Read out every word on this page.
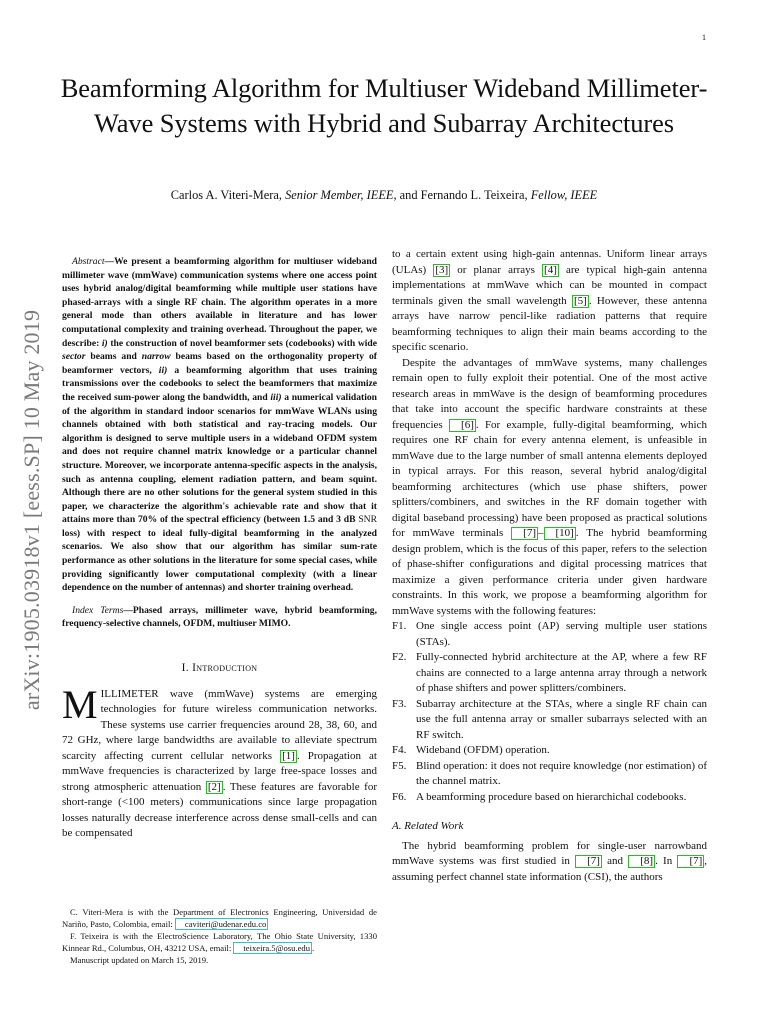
1
Beamforming Algorithm for Multiuser Wideband Millimeter-Wave Systems with Hybrid and Subarray Architectures
Carlos A. Viteri-Mera, Senior Member, IEEE, and Fernando L. Teixeira, Fellow, IEEE
arXiv:1905.03918v1 [eess.SP] 10 May 2019

Abstract—We present a beamforming algorithm for multiuser wideband millimeter wave (mmWave) communication systems where one access point uses hybrid analog/digital beamforming while multiple user stations have phased-arrays with a single RF chain. The algorithm operates in a more general mode than others available in literature and has lower computational complexity and training overhead. Throughout the paper, we describe: i) the construction of novel beamformer sets (codebooks) with wide sector beams and narrow beams based on the orthogonality property of beamformer vectors, ii) a beamforming algorithm that uses training transmissions over the codebooks to select the beamformers that maximize the received sum-power along the bandwidth, and iii) a numerical validation of the algorithm in standard indoor scenarios for mmWave WLANs using channels obtained with both statistical and ray-tracing models. Our algorithm is designed to serve multiple users in a wideband OFDM system and does not require channel matrix knowledge or a particular channel structure. Moreover, we incorporate antenna-specific aspects in the analysis, such as antenna coupling, element radiation pattern, and beam squint. Although there are no other solutions for the general system studied in this paper, we characterize the algorithm's achievable rate and show that it attains more than 70% of the spectral efficiency (between 1.5 and 3 dB SNR loss) with respect to ideal fully-digital beamforming in the analyzed scenarios. We also show that our algorithm has similar sum-rate performance as other solutions in the literature for some special cases, while providing significantly lower computational complexity (with a linear dependence on the number of antennas) and shorter training overhead.

Index Terms—Phased arrays, millimeter wave, hybrid beamforming, frequency-selective channels, OFDM, multiuser MIMO.

I. Introduction

MILLIMETER wave (mmWave) systems are emerging technologies for future wireless communication networks. These systems use carrier frequencies around 28, 38, 60, and 72 GHz, where large bandwidths are available to alleviate spectrum scarcity affecting current cellular networks [1] . Propagation at mmWave frequencies is characterized by large free-space losses and strong atmospheric attenuation [2] . These features are favorable for short-range (<100 meters) communications since large propagation losses naturally decrease interference across dense small-cells and can be compensated

C. Viteri-Mera is with the Department of Electronics Engineering, Universidad de Nariño, Pasto, Colombia, email: caviteri@udenar.edu.co

F. Teixeira is with the ElectroScience Laboratory, The Ohio State University, 1330 Kinnear Rd., Columbus, OH, 43212 USA, email: teixeira.5@osu.edu .

Manuscript updated on March 15, 2019.

to a certain extent using high-gain antennas. Uniform linear arrays (ULAs) [3] or planar arrays [4] are typical high-gain antenna implementations at mmWave which can be mounted in compact terminals given the small wavelength [5] . However, these antenna arrays have narrow pencil-like radiation patterns that require beamforming techniques to align their main beams according to the specific scenario.

Despite the advantages of mmWave systems, many challenges remain open to fully exploit their potential. One of the most active research areas in mmWave is the design of beamforming procedures that take into account the specific hardware constraints at these frequencies [6] . For example, fully-digital beamforming, which requires one RF chain for every antenna element, is unfeasible in mmWave due to the large number of small antenna elements deployed in typical arrays. For this reason, several hybrid analog/digital beamforming architectures (which use phase shifters, power splitters/combiners, and switches in the RF domain together with digital baseband processing) have been proposed as practical solutions for mmWave terminals [7] – [10] . The hybrid beamforming design problem, which is the focus of this paper, refers to the selection of phase-shifter configurations and digital processing matrices that maximize a given performance criteria under given hardware constraints. In this work, we propose a beamforming algorithm for mmWave systems with the following features:

F1. One single access point (AP) serving multiple user stations (STAs).
F2. Fully-connected hybrid architecture at the AP, where a few RF chains are connected to a large antenna array through a network of phase shifters and power splitters/combiners.
F3. Subarray architecture at the STAs, where a single RF chain can use the full antenna array or smaller subarrays selected with an RF switch.
F4. Wideband (OFDM) operation.
F5. Blind operation: it does not require knowledge (nor estimation) of the channel matrix.
F6. A beamforming procedure based on hierarchichal codebooks.
A. Related Work

The hybrid beamforming problem for single-user narrowband mmWave systems was first studied in [7] and [8] . In [7] , assuming perfect channel state information (CSI), the authors
